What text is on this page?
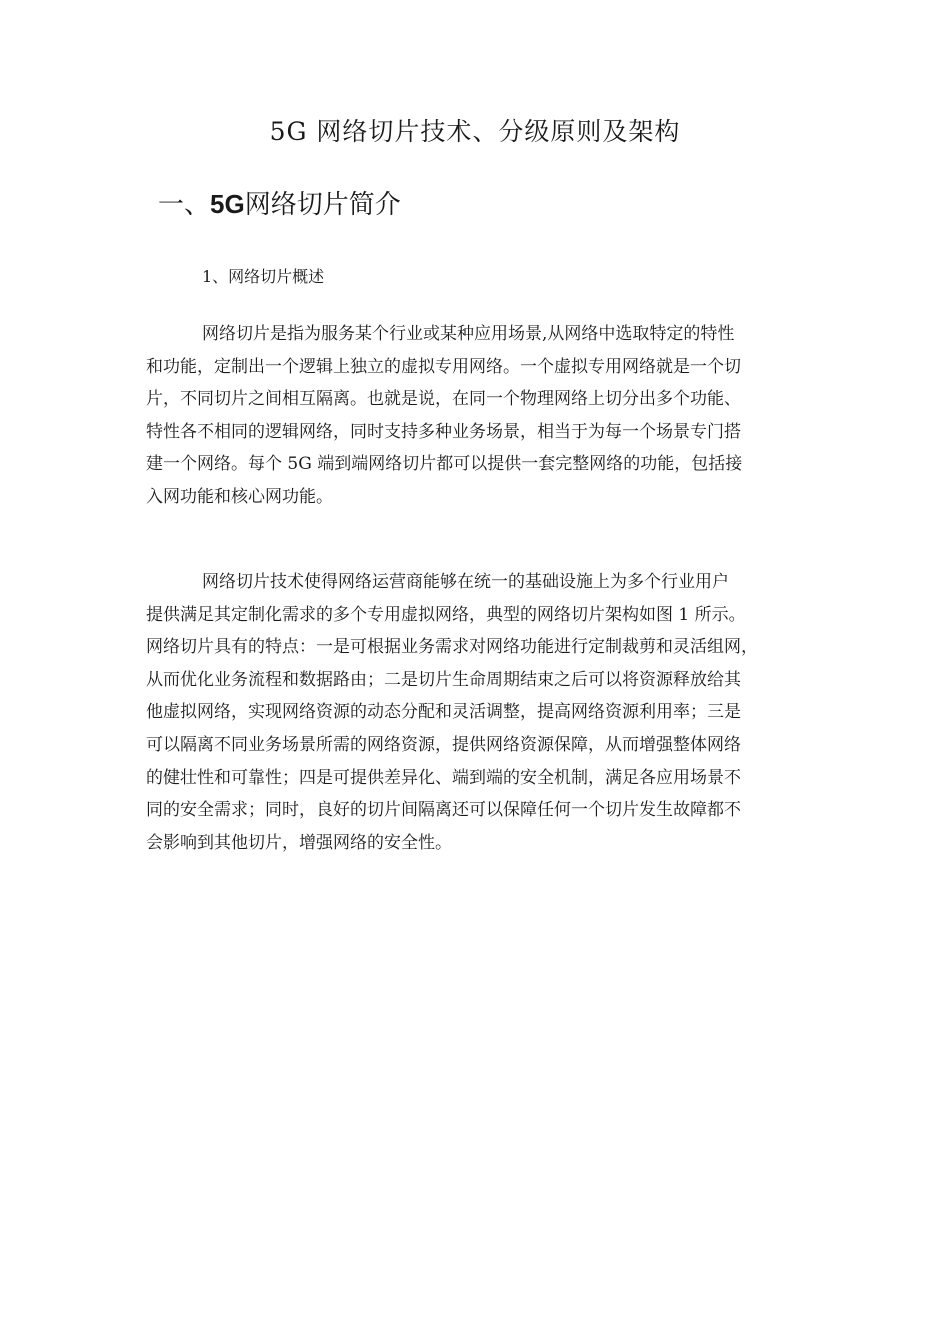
5G 网络切片技术、分级原则及架构
一、5G网络切片简介
1、网络切片概述

网络切片是指为服务某个行业或某种应用场景,从网络中选取特定的特性
和功能，定制出一个逻辑上独立的虚拟专用网络。一个虚拟专用网络就是一个切
片，不同切片之间相互隔离。也就是说，在同一个物理网络上切分出多个功能、
特性各不相同的逻辑网络，同时支持多种业务场景，相当于为每一个场景专门搭
建一个网络。每个 5G 端到端网络切片都可以提供一套完整网络的功能，包括接
入网功能和核心网功能。

网络切片技术使得网络运营商能够在统一的基础设施上为多个行业用户
提供满足其定制化需求的多个专用虚拟网络，典型的网络切片架构如图 1 所示。
网络切片具有的特点：一是可根据业务需求对网络功能进行定制裁剪和灵活组网，
从而优化业务流程和数据路由；二是切片生命周期结束之后可以将资源释放给其
他虚拟网络，实现网络资源的动态分配和灵活调整，提高网络资源利用率；三是
可以隔离不同业务场景所需的网络资源，提供网络资源保障，从而增强整体网络
的健壮性和可靠性；四是可提供差异化、端到端的安全机制，满足各应用场景不
同的安全需求；同时，良好的切片间隔离还可以保障任何一个切片发生故障都不
会影响到其他切片，增强网络的安全性。
